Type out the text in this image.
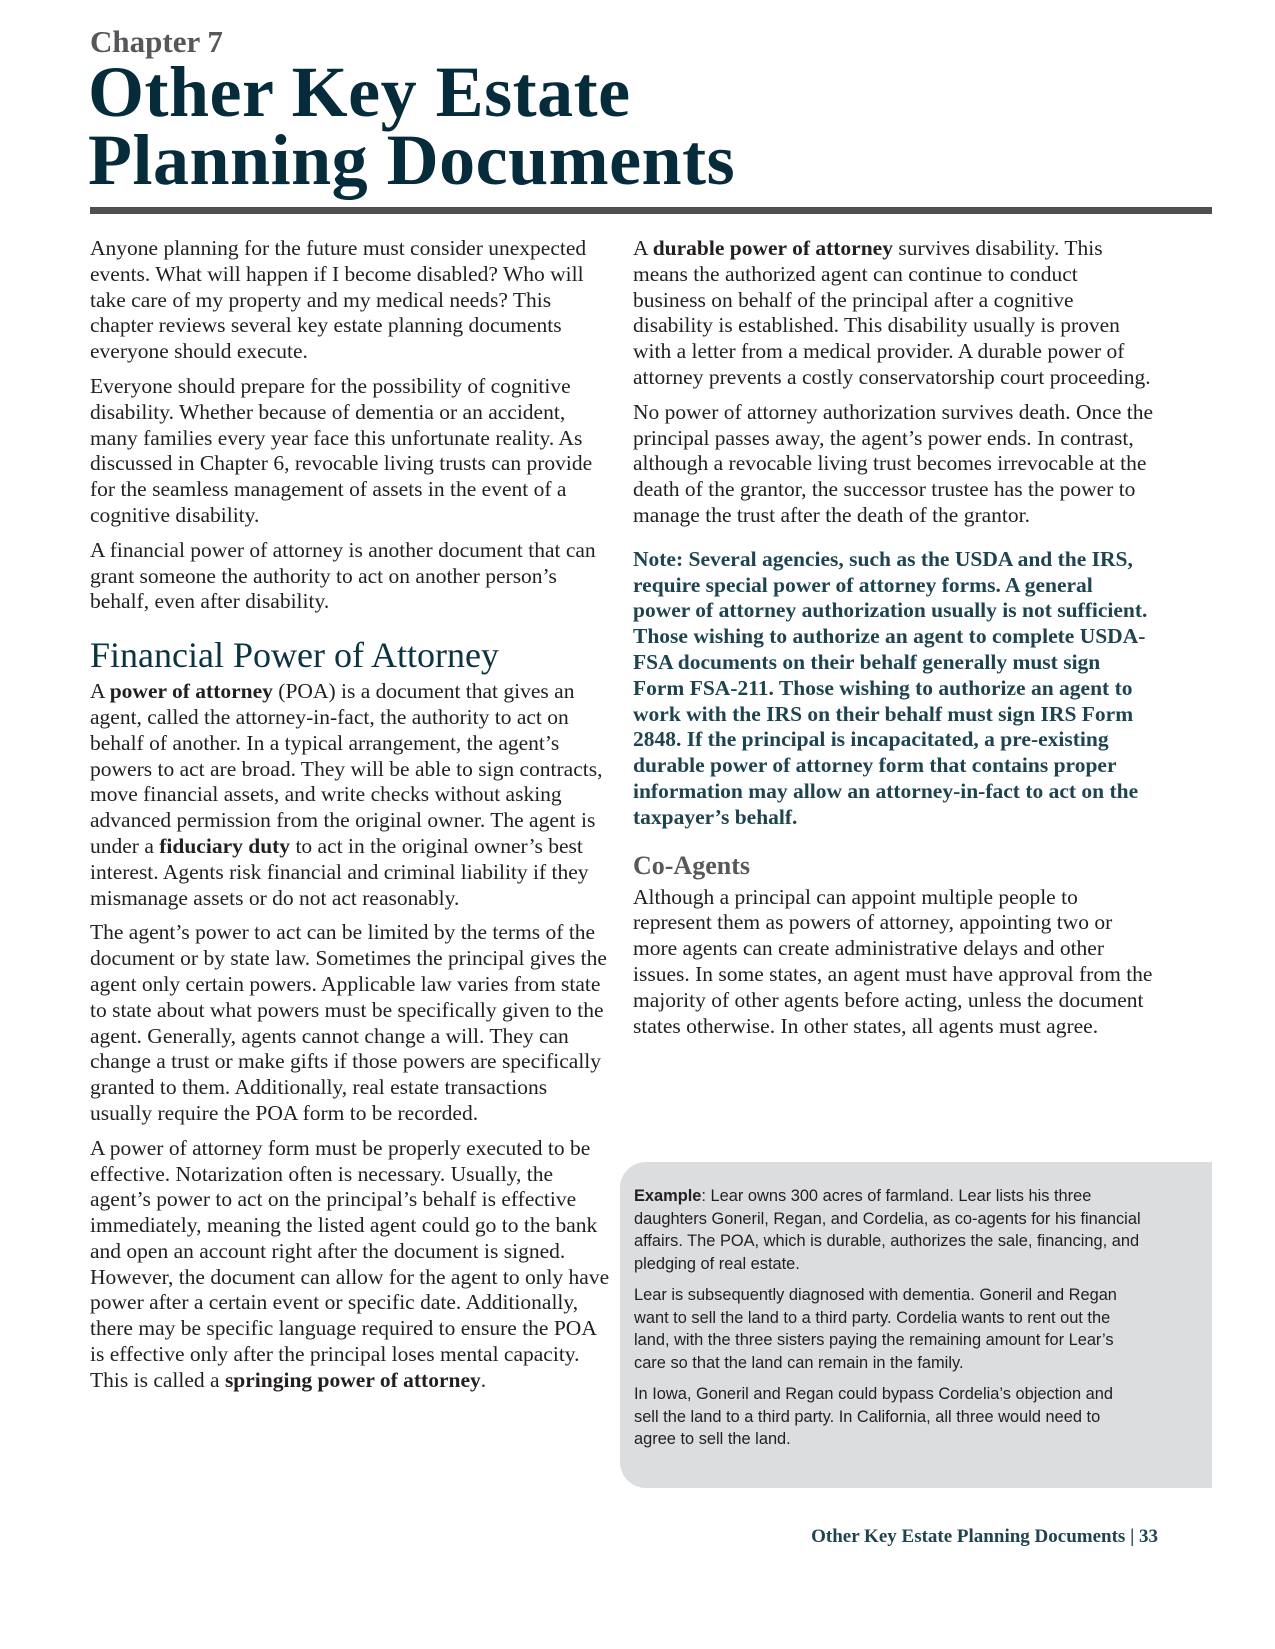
Chapter 7
Other Key Estate
Planning Documents

Anyone planning for the future must consider unexpected events. What will happen if I become disabled? Who will take care of my property and my medical needs? This chapter reviews several key estate planning documents everyone should execute.

Everyone should prepare for the possibility of cognitive disability. Whether because of dementia or an accident, many families every year face this unfortunate reality. As discussed in Chapter 6, revocable living trusts can provide for the seamless management of assets in the event of a cognitive disability.

A financial power of attorney is another document that can grant someone the authority to act on another person’s behalf, even after disability.

Financial Power of Attorney

A power of attorney (POA) is a document that gives an agent, called the attorney-in-fact, the authority to act on behalf of another. In a typical arrangement, the agent’s powers to act are broad. They will be able to sign contracts, move financial assets, and write checks without asking advanced permission from the original owner. The agent is under a fiduciary duty to act in the original owner’s best interest. Agents risk financial and criminal liability if they mismanage assets or do not act reasonably.

The agent’s power to act can be limited by the terms of the document or by state law. Sometimes the principal gives the agent only certain powers. Applicable law varies from state to state about what powers must be specifically given to the agent. Generally, agents cannot change a will. They can change a trust or make gifts if those powers are specifically granted to them. Additionally, real estate transactions usually require the POA form to be recorded.

A power of attorney form must be properly executed to be effective. Notarization often is necessary. Usually, the agent’s power to act on the principal’s behalf is effective immediately, meaning the listed agent could go to the bank and open an account right after the document is signed. However, the document can allow for the agent to only have power after a certain event or specific date. Additionally, there may be specific language required to ensure the POA is effective only after the principal loses mental capacity. This is called a springing power of attorney.

A durable power of attorney survives disability. This means the authorized agent can continue to conduct business on behalf of the principal after a cognitive disability is established. This disability usually is proven with a letter from a medical provider. A durable power of attorney prevents a costly conservatorship court proceeding.

No power of attorney authorization survives death. Once the principal passes away, the agent’s power ends. In contrast, although a revocable living trust becomes irrevocable at the death of the grantor, the successor trustee has the power to manage the trust after the death of the grantor.

Note: Several agencies, such as the USDA and the IRS, require special power of attorney forms. A general power of attorney authorization usually is not sufficient. Those wishing to authorize an agent to complete USDA-FSA documents on their behalf generally must sign Form FSA-211. Those wishing to authorize an agent to work with the IRS on their behalf must sign IRS Form 2848. If the principal is incapacitated, a pre-existing durable power of attorney form that contains proper information may allow an attorney-in-fact to act on the taxpayer’s behalf.

Co-Agents

Although a principal can appoint multiple people to represent them as powers of attorney, appointing two or more agents can create administrative delays and other issues. In some states, an agent must have approval from the majority of other agents before acting, unless the document states otherwise. In other states, all agents must agree.

Example: Lear owns 300 acres of farmland. Lear lists his three daughters Goneril, Regan, and Cordelia, as co-agents for his financial affairs. The POA, which is durable, authorizes the sale, financing, and pledging of real estate.

Lear is subsequently diagnosed with dementia. Goneril and Regan want to sell the land to a third party. Cordelia wants to rent out the land, with the three sisters paying the remaining amount for Lear’s care so that the land can remain in the family.

In Iowa, Goneril and Regan could bypass Cordelia’s objection and sell the land to a third party. In California, all three would need to agree to sell the land.

Other Key Estate Planning Documents | 33
